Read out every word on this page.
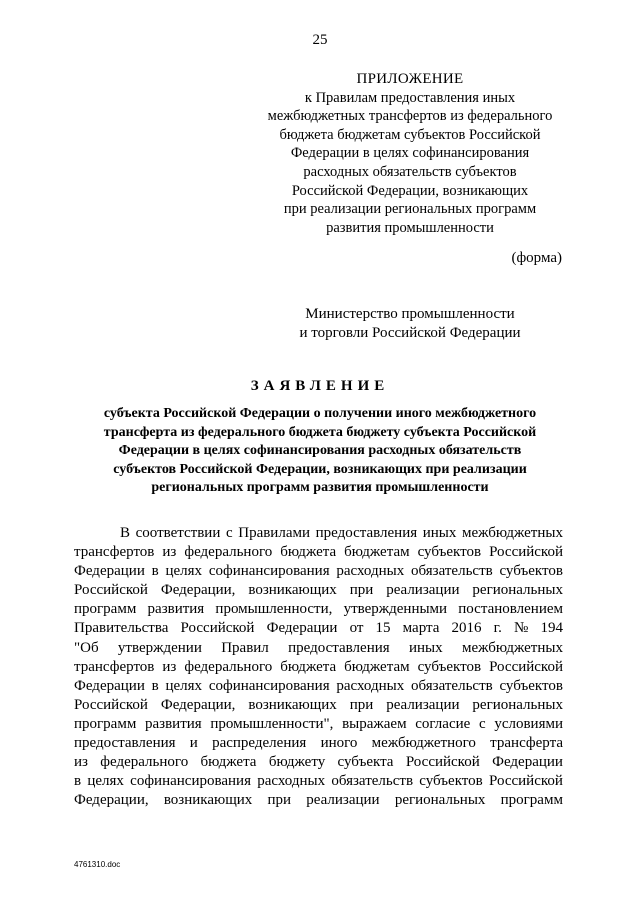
25
ПРИЛОЖЕНИЕ
к Правилам предоставления иных
межбюджетных трансфертов из федерального
бюджета бюджетам субъектов Российской
Федерации в целях софинансирования
расходных обязательств субъектов
Российской Федерации, возникающих
при реализации региональных программ
развития промышленности
(форма)
Министерство промышленности
и торговли Российской Федерации
ЗАЯВЛЕНИЕ
субъекта Российской Федерации о получении иного межбюджетного
трансферта из федерального бюджета бюджету субъекта Российской
Федерации в целях софинансирования расходных обязательств
субъектов Российской Федерации, возникающих при реализации
региональных программ развития промышленности
В соответствии с Правилами предоставления иных межбюджетных
трансфертов из федерального бюджета бюджетам субъектов Российской
Федерации в целях софинансирования расходных обязательств субъектов
Российской Федерации, возникающих при реализации региональных
программ развития промышленности, утвержденными постановлением
Правительства Российской Федерации от 15 марта 2016 г. № 194
"Об утверждении Правил предоставления иных межбюджетных
трансфертов из федерального бюджета бюджетам субъектов Российской
Федерации в целях софинансирования расходных обязательств субъектов
Российской Федерации, возникающих при реализации региональных
программ развития промышленности", выражаем согласие с условиями
предоставления и распределения иного межбюджетного трансферта
из федерального бюджета бюджету субъекта Российской Федерации
в целях софинансирования расходных обязательств субъектов Российской
Федерации, возникающих при реализации региональных программ
4761310.doc
